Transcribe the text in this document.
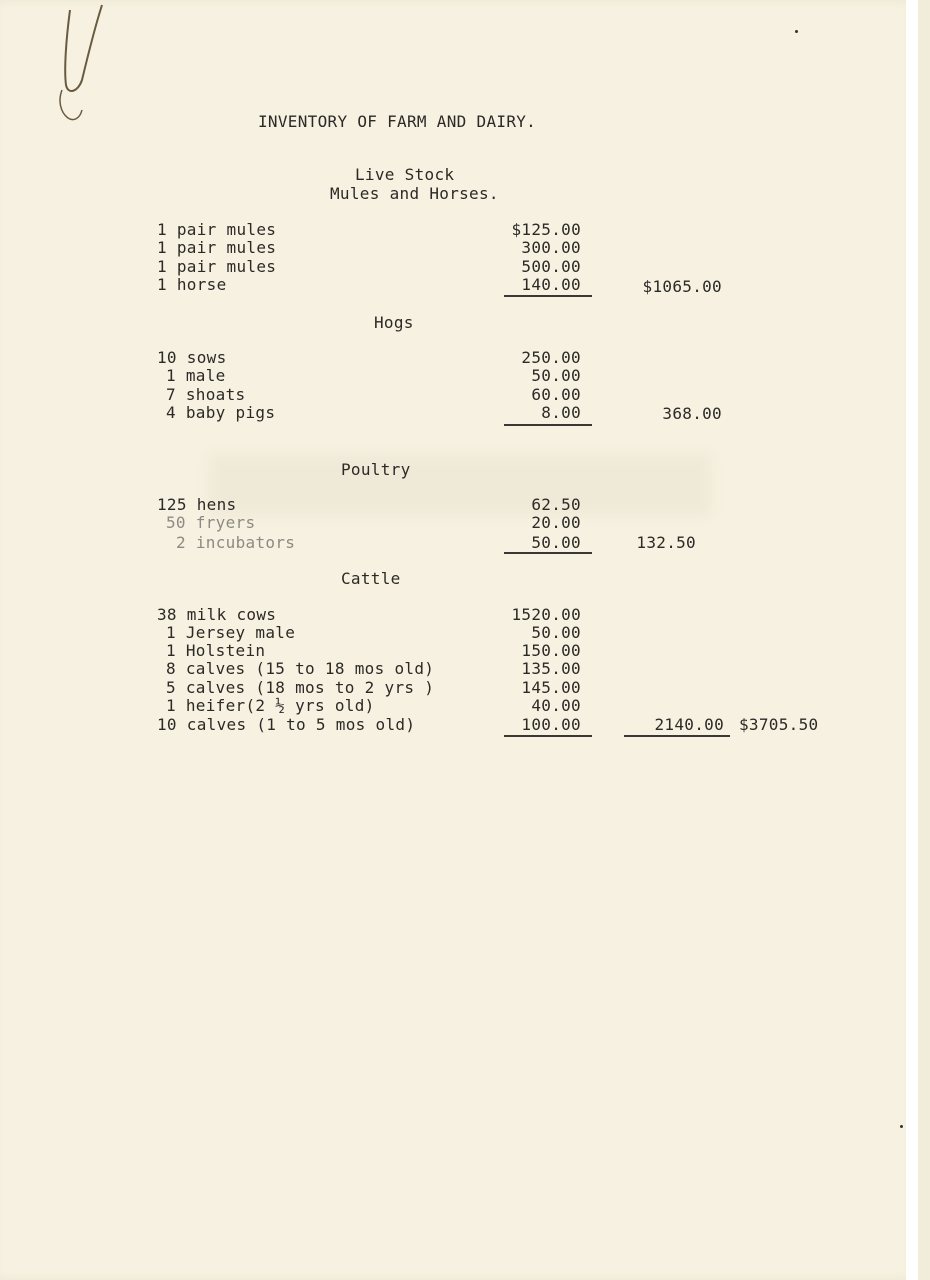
INVENTORY OF FARM AND DAIRY.
Live Stock
Mules and Horses.
1 pair mules	$125.00
1 pair mules	300.00
1 pair mules	500.00
1 horse	140.00	$1065.00
Hogs
10 sows	250.00
1 male	50.00
7 shoats	60.00
4 baby pigs	8.00	368.00
Poultry
125 hens	62.50
50 fryers	20.00
2 incubators	50.00	132.50
Cattle
38 milk cows	1520.00
1 Jersey male	50.00
1 Holstein	150.00
8 calves (15 to 18 mos old)	135.00
5 calves (18 mos to 2 yrs )	145.00
1 heifer(2 ½ yrs old)	40.00
10 calves (1 to 5 mos old)	100.00	2140.00 $3705.50
